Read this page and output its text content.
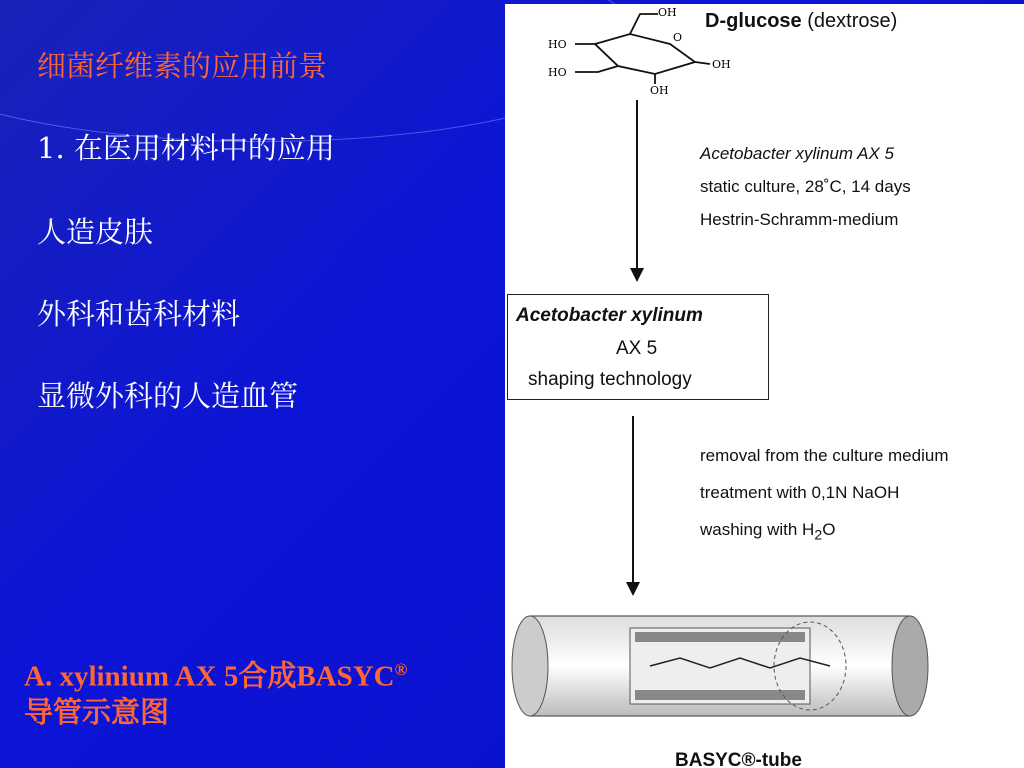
细菌纤维素的应用前景
1. 在医用材料中的应用
人造皮肤
外科和齿科材料
显微外科的人造血管
A. xylinium AX 5合成BASYC®
导管示意图
OH
HO
HO
OH
OH
O
D-glucose (dextrose)
Acetobacter xylinum AX 5
static culture, 28˚C, 14 days
Hestrin-Schramm-medium
Acetobacter xylinum
AX 5
shaping technology
removal from the culture medium
treatment with 0,1N NaOH
washing with $H_2O$
BASYC®-tube
